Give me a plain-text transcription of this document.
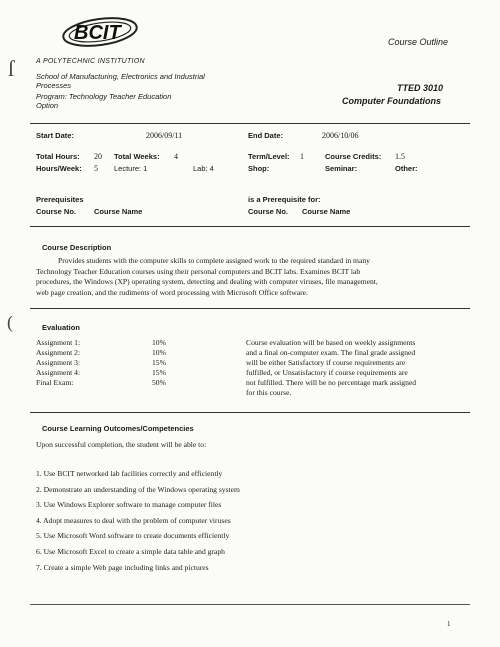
BCIT
A POLYTECHNIC INSTITUTION
School of Manufacturing, Electronics and Industrial Processes
Program: Technology Teacher Education Option
Course Outline
TTED 3010
Computer Foundations
ſ
(
Start Date:	2006/09/11	End Date:	2006/10/06
Total Hours: 20 Total Weeks: 4	Term/Level: 1	Course Credits: 1.5
Hours/Week: 5 Lecture: 1	Lab: 4	Shop:	Seminar:	Other:
Prerequisites	is a Prerequisite for:
Course No. Course Name	Course No. Course Name
Course Description
Provides students with the computer skills to complete assigned work to the required standard in many
Technology Teacher Education courses using their personal computers and BCIT labs. Examines BCIT lab
procedures, the Windows (XP) operating system, detecting and dealing with computer viruses, file management,
web page creation, and the rudiments of word processing with Microsoft Office software.
Evaluation
Assignment 1:	10%
Assignment 2:	10%
Assignment 3:	15%
Assignment 4:	15%
Final Exam:	50%
Course evaluation will be based on weekly assignments
and a final on-computer exam. The final grade assigned
will be either Satisfactory if course requirements are
fulfilled, or Unsatisfactory if course requirements are
not fulfilled. There will be no percentage mark assigned
for this course.
Course Learning Outcomes/Competencies
Upon successful completion, the student will be able to:
1. Use BCIT networked lab facilities correctly and efficiently
2. Demonstrate an understanding of the Windows operating system
3. Use Windows Explorer software to manage computer files
4. Adopt measures to deal with the problem of computer viruses
5. Use Microsoft Word software to create documents efficiently
6. Use Microsoft Excel to create a simple data table and graph
7. Create a simple Web page including links and pictures
1
